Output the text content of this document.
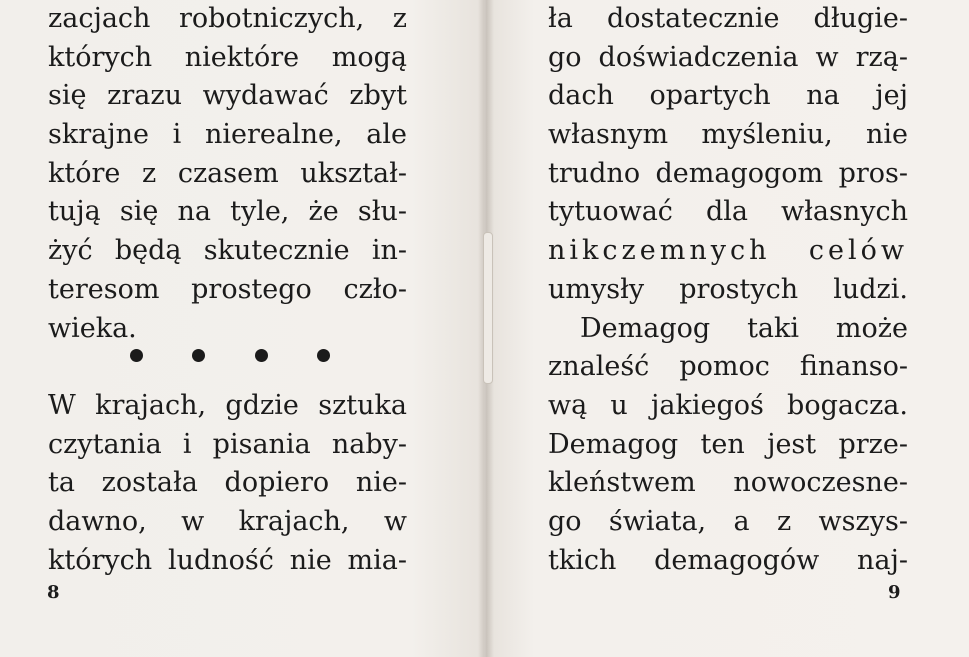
zacjach robotniczych, z
których niektóre mogą
się zrazu wydawać zbyt
skrajne i nierealne, ale
które z czasem ukształ-
tują się na tyle, że słu-
żyć będą skutecznie in-
teresom prostego czło-
wieka.
W krajach, gdzie sztuka
czytania i pisania naby-
ta została dopiero nie-
dawno, w krajach, w
których ludność nie mia-
8
ła dostatecznie długie-
go doświadczenia w rzą-
dach opartych na jej
własnym myśleniu, nie
trudno demagogom pros-
tytuować dla własnych
nikczemnych celów
umysły prostych ludzi.
Demagog taki może
znaleść pomoc finanso-
wą u jakiegoś bogacza.
Demagog ten jest prze-
kleństwem nowoczesne-
go świata, a z wszys-
tkich demagogów naj-
9
